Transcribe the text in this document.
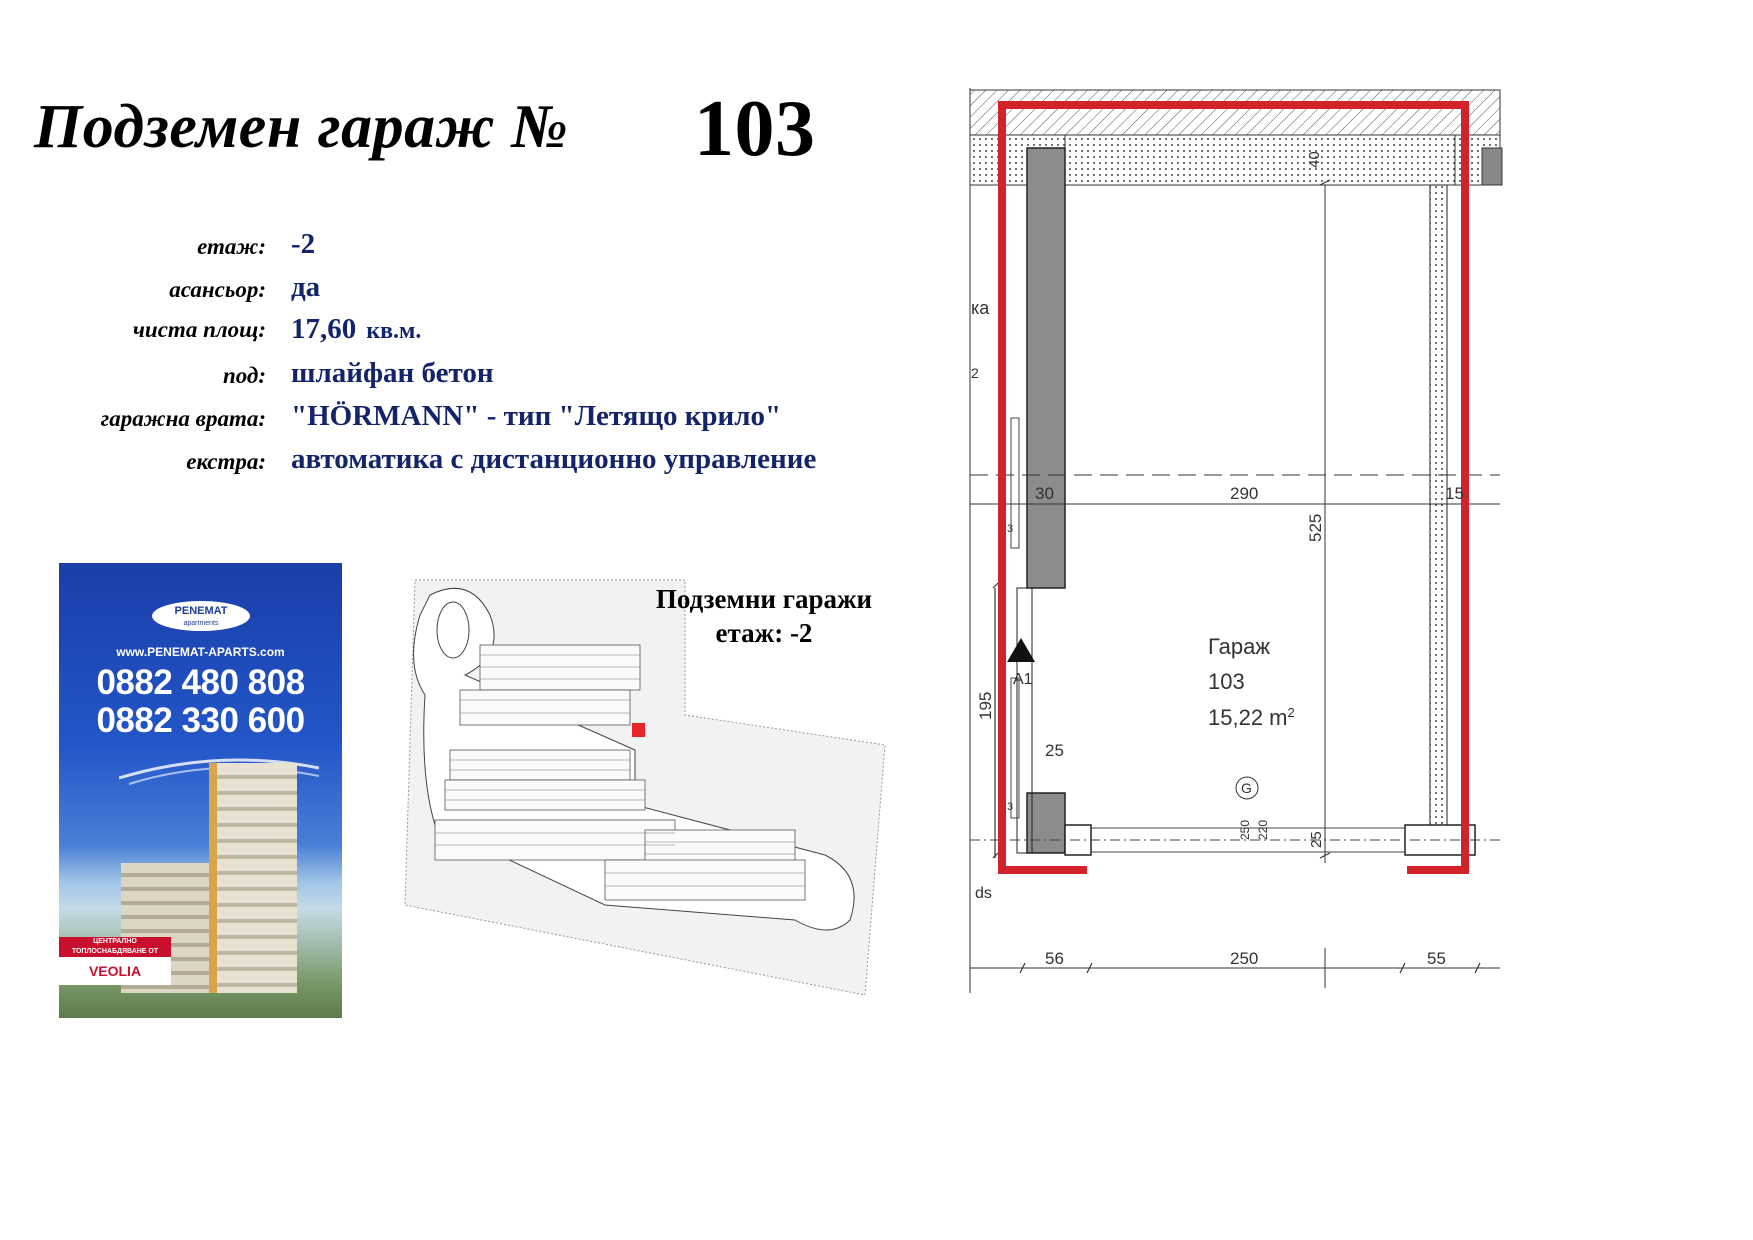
Подземен гараж № 103
етаж: -2
асансьор: да
чиста площ: 17,60 кв.м.
под: шлайфан бетон
гаражна врата: "HÖRMANN" - тип "Летящо крило"
екстра: автоматика с дистанционно управление
PENEMAT
apartments
www.PENEMAT-APARTS.com
0882 480 808
0882 330 600
ЦЕНТРАЛНО
ТОПЛОСНАБДЯВАНЕ ОТ
VEOLIA
Подземни гаражи
етаж: -2	Гараж
103
15,22 $m^2$
G
A1
30	290	15
25
56	250	55
525
40
195
25
250 220
ка
2
ds
3
3
